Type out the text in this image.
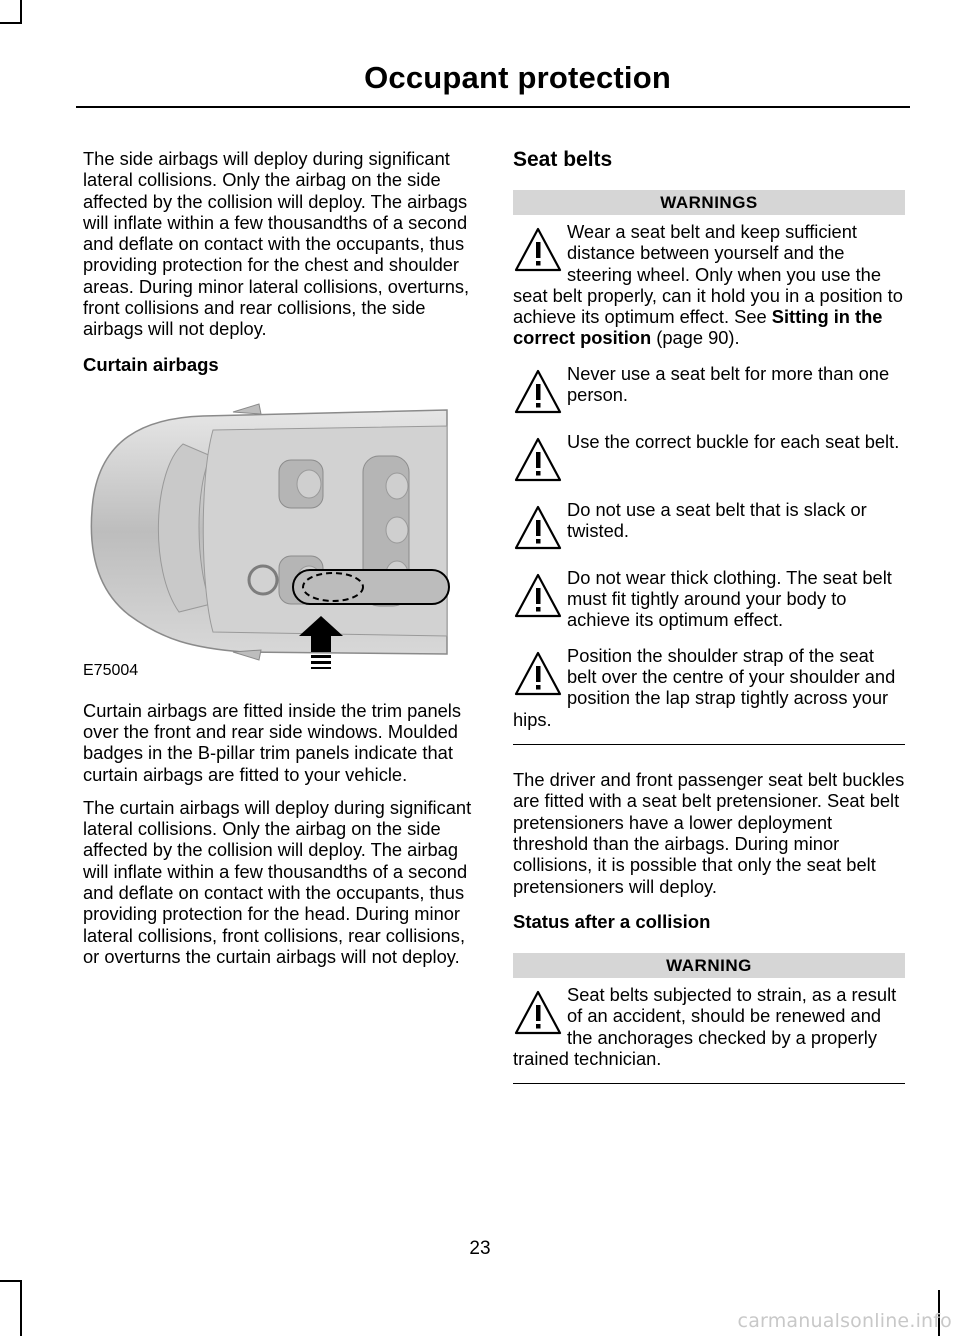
Occupant protection

The side airbags will deploy during significant lateral collisions. Only the airbag on the side affected by the collision will deploy. The airbags will inflate within a few thousandths of a second and deflate on contact with the occupants, thus providing protection for the chest and shoulder areas. During minor lateral collisions, overturns, front collisions and rear collisions, the side airbags will not deploy.

Curtain airbags
E75004

Curtain airbags are fitted inside the trim panels over the front and rear side windows. Moulded badges in the B-pillar trim panels indicate that curtain airbags are fitted to your vehicle.

The curtain airbags will deploy during significant lateral collisions. Only the airbag on the side affected by the collision will deploy. The airbag will inflate within a few thousandths of a second and deflate on contact with the occupants, thus providing protection for the head. During minor lateral collisions, front collisions, rear collisions, or overturns the curtain airbags will not deploy.

Seat belts
WARNINGS
Wear a seat belt and keep sufficient distance between yourself and the steering wheel. Only when you use the seat belt properly, can it hold you in a position to achieve its optimum effect. See Sitting in the correct position (page 90).
Never use a seat belt for more than one person.
Use the correct buckle for each seat belt.
Do not use a seat belt that is slack or twisted.
Do not wear thick clothing. The seat belt must fit tightly around your body to achieve its optimum effect.
Position the shoulder strap of the seat belt over the centre of your shoulder and position the lap strap tightly across your hips.

The driver and front passenger seat belt buckles are fitted with a seat belt pretensioner. Seat belt pretensioners have a lower deployment threshold than the airbags. During minor collisions, it is possible that only the seat belt pretensioners will deploy.

Status after a collision
WARNING
Seat belts subjected to strain, as a result of an accident, should be renewed and the anchorages checked by a properly trained technician.
23
carmanualsonline.info
